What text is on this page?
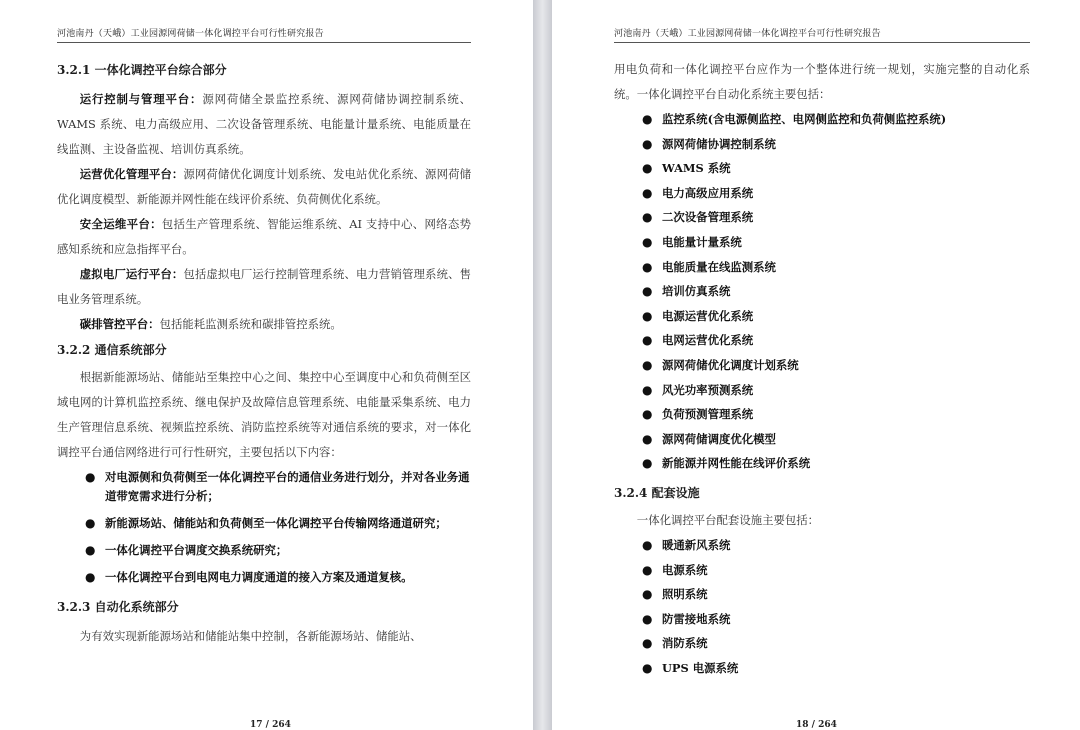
河池南丹（天峨）工业园源网荷储一体化调控平台可行性研究报告
3.2.1 一体化调控平台综合部分

运行控制与管理平台：源网荷储全景监控系统、源网荷储协调控制系统、WAMS 系统、电力高级应用、二次设备管理系统、电能量计量系统、电能质量在线监测、主设备监视、培训仿真系统。

运营优化管理平台：源网荷储优化调度计划系统、发电站优化系统、源网荷储优化调度模型、新能源并网性能在线评价系统、负荷侧优化系统。

安全运维平台：包括生产管理系统、智能运维系统、AI 支持中心、网络态势感知系统和应急指挥平台。

虚拟电厂运行平台：包括虚拟电厂运行控制管理系统、电力营销管理系统、售电业务管理系统。

碳排管控平台：包括能耗监测系统和碳排管控系统。

3.2.2 通信系统部分

根据新能源场站、储能站至集控中心之间、集控中心至调度中心和负荷侧至区域电网的计算机监控系统、继电保护及故障信息管理系统、电能量采集系统、电力生产管理信息系统、视频监控系统、消防监控系统等对通信系统的要求，对一体化调控平台通信网络进行可行性研究，主要包括以下内容：

● 对电源侧和负荷侧至一体化调控平台的通信业务进行划分，并对各业务通道带宽需求进行分析；
● 新能源场站、储能站和负荷侧至一体化调控平台传输网络通道研究；
● 一体化调控平台调度交换系统研究；
● 一体化调控平台到电网电力调度通道的接入方案及通道复核。
3.2.3 自动化系统部分

为有效实现新能源场站和储能站集中控制，各新能源场站、储能站、

17 / 264
河池南丹（天峨）工业园源网荷储一体化调控平台可行性研究报告

用电负荷和一体化调控平台应作为一个整体进行统一规划，实施完整的自动化系统。一体化调控平台自动化系统主要包括：

● 监控系统(含电源侧监控、电网侧监控和负荷侧监控系统)
● 源网荷储协调控制系统
● WAMS 系统
● 电力高级应用系统
● 二次设备管理系统
● 电能量计量系统
● 电能质量在线监测系统
● 培训仿真系统
● 电源运营优化系统
● 电网运营优化系统
● 源网荷储优化调度计划系统
● 风光功率预测系统
● 负荷预测管理系统
● 源网荷储调度优化模型
● 新能源并网性能在线评价系统
3.2.4 配套设施

一体化调控平台配套设施主要包括：

● 暖通新风系统
● 电源系统
● 照明系统
● 防雷接地系统
● 消防系统
● UPS 电源系统
18 / 264
